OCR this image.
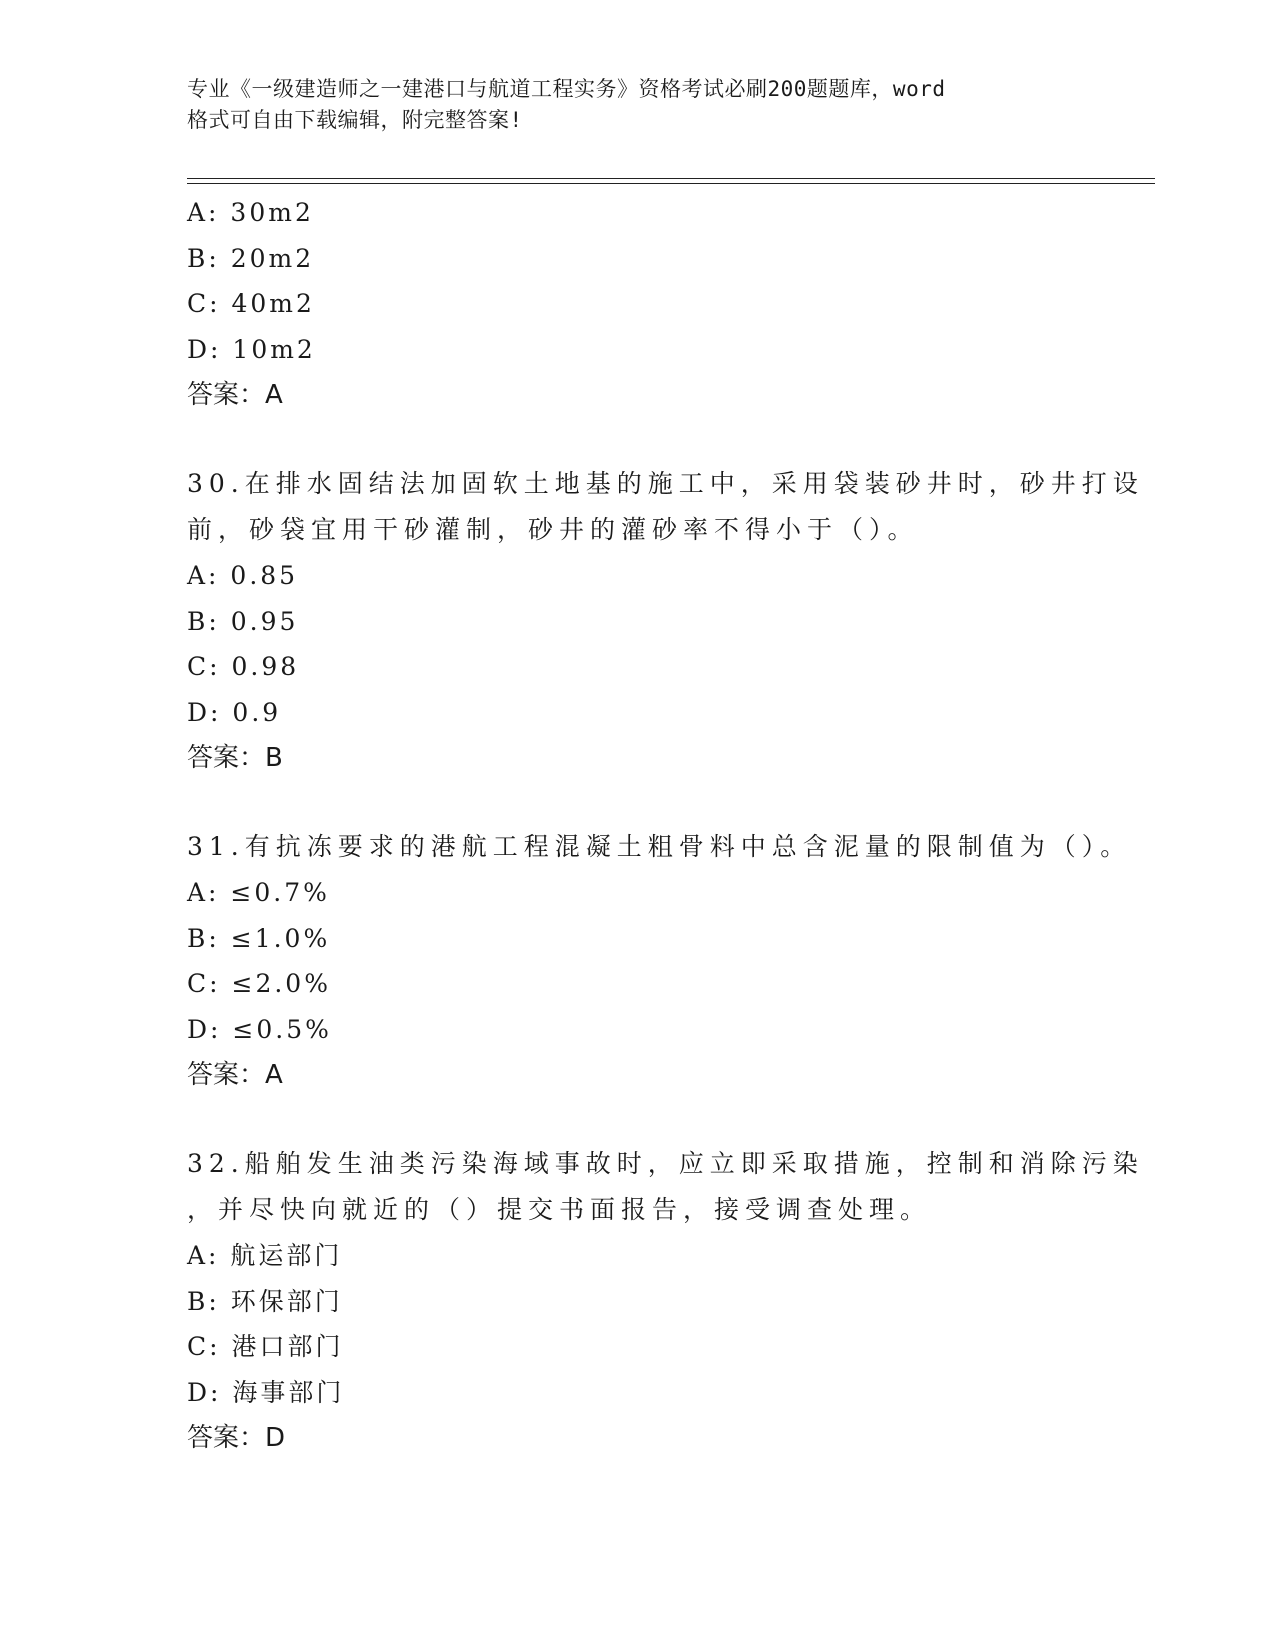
专业《一级建造师之一建港口与航道工程实务》资格考试必刷200题题库，word
格式可自由下载编辑，附完整答案!
A: 30m2
B: 20m2
C: 40m2
D: 10m2
答案：A
30.在排水固结法加固软土地基的施工中，采用袋装砂井时，砂井打设
前，砂袋宜用干砂灌制，砂井的灌砂率不得小于（）。
A: 0.85
B: 0.95
C: 0.98
D: 0.9
答案：B
31.有抗冻要求的港航工程混凝土粗骨料中总含泥量的限制值为（）。
A: ≤0.7%
B: ≤1.0%
C: ≤2.0%
D: ≤0.5%
答案：A
32.船舶发生油类污染海域事故时，应立即采取措施，控制和消除污染
，并尽快向就近的（）提交书面报告，接受调查处理。
A: 航运部门
B: 环保部门
C: 港口部门
D: 海事部门
答案：D
